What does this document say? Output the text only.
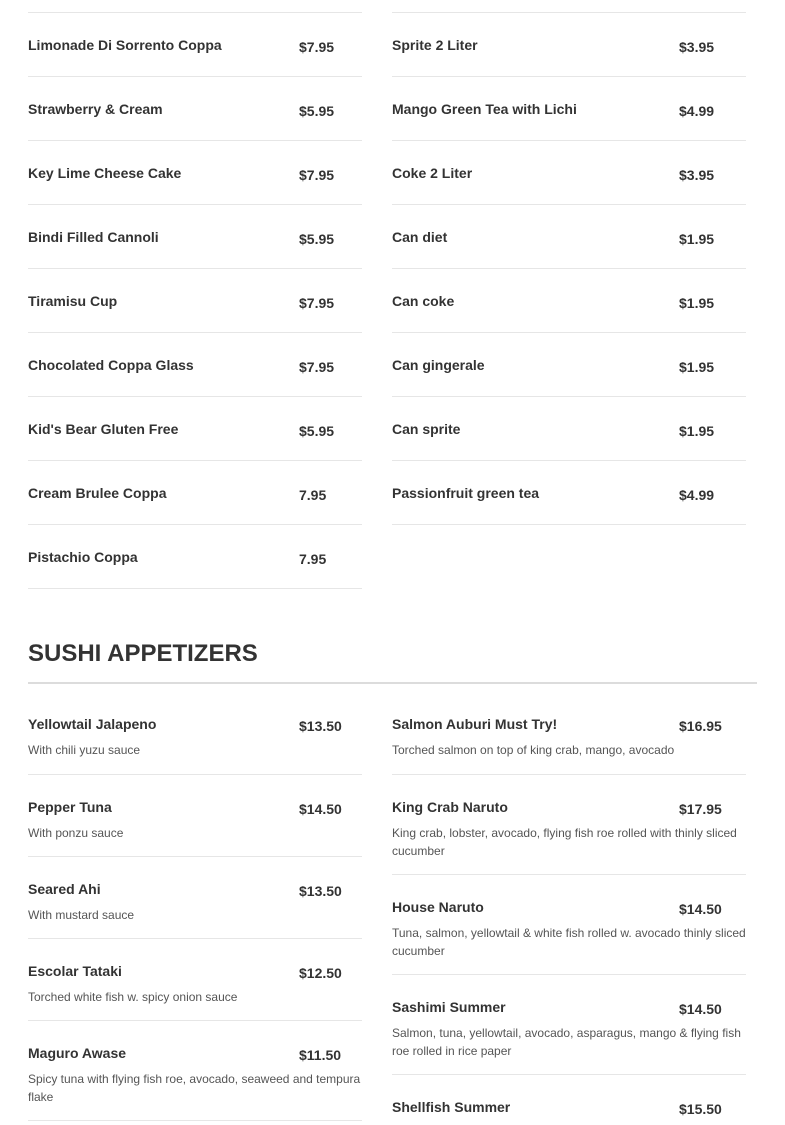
Limonade Di Sorrento Coppa	$7.95
Strawberry & Cream	$5.95
Key Lime Cheese Cake	$7.95
Bindi Filled Cannoli	$5.95
Tiramisu Cup	$7.95
Chocolated Coppa Glass	$7.95
Kid's Bear Gluten Free	$5.95
Cream Brulee Coppa	7.95
Pistachio Coppa	7.95
Sprite 2 Liter	$3.95
Mango Green Tea with Lichi	$4.99
Coke 2 Liter	$3.95
Can diet	$1.95
Can coke	$1.95
Can gingerale	$1.95
Can sprite	$1.95
Passionfruit green tea	$4.99
SUSHI APPETIZERS
Yellowtail Jalapeno	$13.50
With chili yuzu sauce
Pepper Tuna	$14.50
With ponzu sauce
Seared Ahi	$13.50
With mustard sauce
Escolar Tataki	$12.50
Torched white fish w. spicy onion sauce
Maguro Awase	$11.50
Spicy tuna with flying fish roe, avocado, seaweed and tempura flake
Salmon Auburi Must Try!	$16.95
Torched salmon on top of king crab, mango, avocado
King Crab Naruto	$17.95
King crab, lobster, avocado, flying fish roe rolled with thinly sliced cucumber
House Naruto	$14.50
Tuna, salmon, yellowtail & white fish rolled w. avocado thinly sliced cucumber
Sashimi Summer	$14.50
Salmon, tuna, yellowtail, avocado, asparagus, mango & flying fish roe rolled in rice paper
Shellfish Summer	$15.50
